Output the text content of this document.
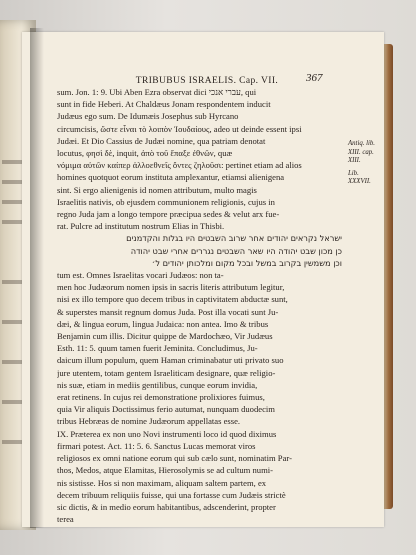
TRIBUBUS ISRAELIS. Cap. VII.	367
Antiq. lib.
XIII. cap.
XIII.
Lib.
XXXVII.
sum. Jon. 1: 9. Ubi Aben Ezra observat dici עברי אנכי, qui
sunt in fide Heberi. At Chaldæus Jonam respondentem inducit
Judæus ego sum. De Idumæis Josephus sub Hyrcano
circumcisis, ὥστε εἶναι τὸ λοιπὸν Ἰουδαίους, adeo ut deinde essent ipsi
Judæi. Et Dio Cassius de Judæi nomine, qua patriam denotat
locutus, φησὶ δὲ, inquit, ἀπὸ τοῦ ἔπαξε ἐθνῶν, quæ
νόμιμα αὐτῶν καίπερ ἀλλοεθνεῖς ὄντες ζηλοῦσι: pertinet etiam ad alios
homines quotquot eorum instituta amplexantur, etiamsi alienigena
sint. Si ergo alienigenis id nomen attributum, multo magis
Israelitis nativis, ob ejusdem communionem religionis, cujus in
regno Juda jam a longo tempore præcipua sedes & velut arx fue-
rat. Pulcre ad institutum nostrum Elias in Thisbi.
ישראל נקראים יהודים אחר שרוב השבטים היו בגלות והקדמנים
כן מכון שבט יהודה היו שאר השבטים נגררים אחרי שבט יהודה
וכן משמשין בקרוב במשל ובכל מקום ומלכותן יהודים ל׳
tum est. Omnes Israelitas vocari Judæos: non ta-
men hoc Judæorum nomen ipsis in sacris literis attributum legitur,
nisi ex illo tempore quo decem tribus in captivitatem abductæ sunt,
& superstes mansit regnum domus Juda. Post illa vocati sunt Ju-
dæi, & lingua eorum, lingua Judaica: non antea. Imo & tribus
Benjamin cum illis. Dicitur quippe de Mardochæo, Vir Judæus
Esth. 11: 5. quum tamen fuerit Jeminita. Concludimus, Ju-
daicum illum populum, quem Haman criminabatur uti privato suo
jure utentem, totam gentem Israeliticam designare, quæ religio-
nis suæ, etiam in mediis gentilibus, cunque eorum invidia,
erat retinens. In cujus rei demonstratione prolixiores fuimus,
quia Vir aliquis Doctissimus ferio autumat, nunquam duodecim
tribus Hebræas de nomine Judæorum appellatas esse.
IX. Præterea ex non uno Novi instrumenti loco id quod diximus
firmari potest. Act. 11: 5. 6. Sanctus Lucas memorat viros
religiosos ex omni natione eorum qui sub cælo sunt, nominatim Par-
thos, Medos, atque Elamitas, Hierosolymis se ad cultum numi-
nis sistisse. Hos si non maximam, aliquam saltem partem, ex
decem tribuum reliquiis fuisse, qui una fortasse cum Judæis strictè
sic dictis, & in medio eorum habitantibus, adscenderint, propter
terea
